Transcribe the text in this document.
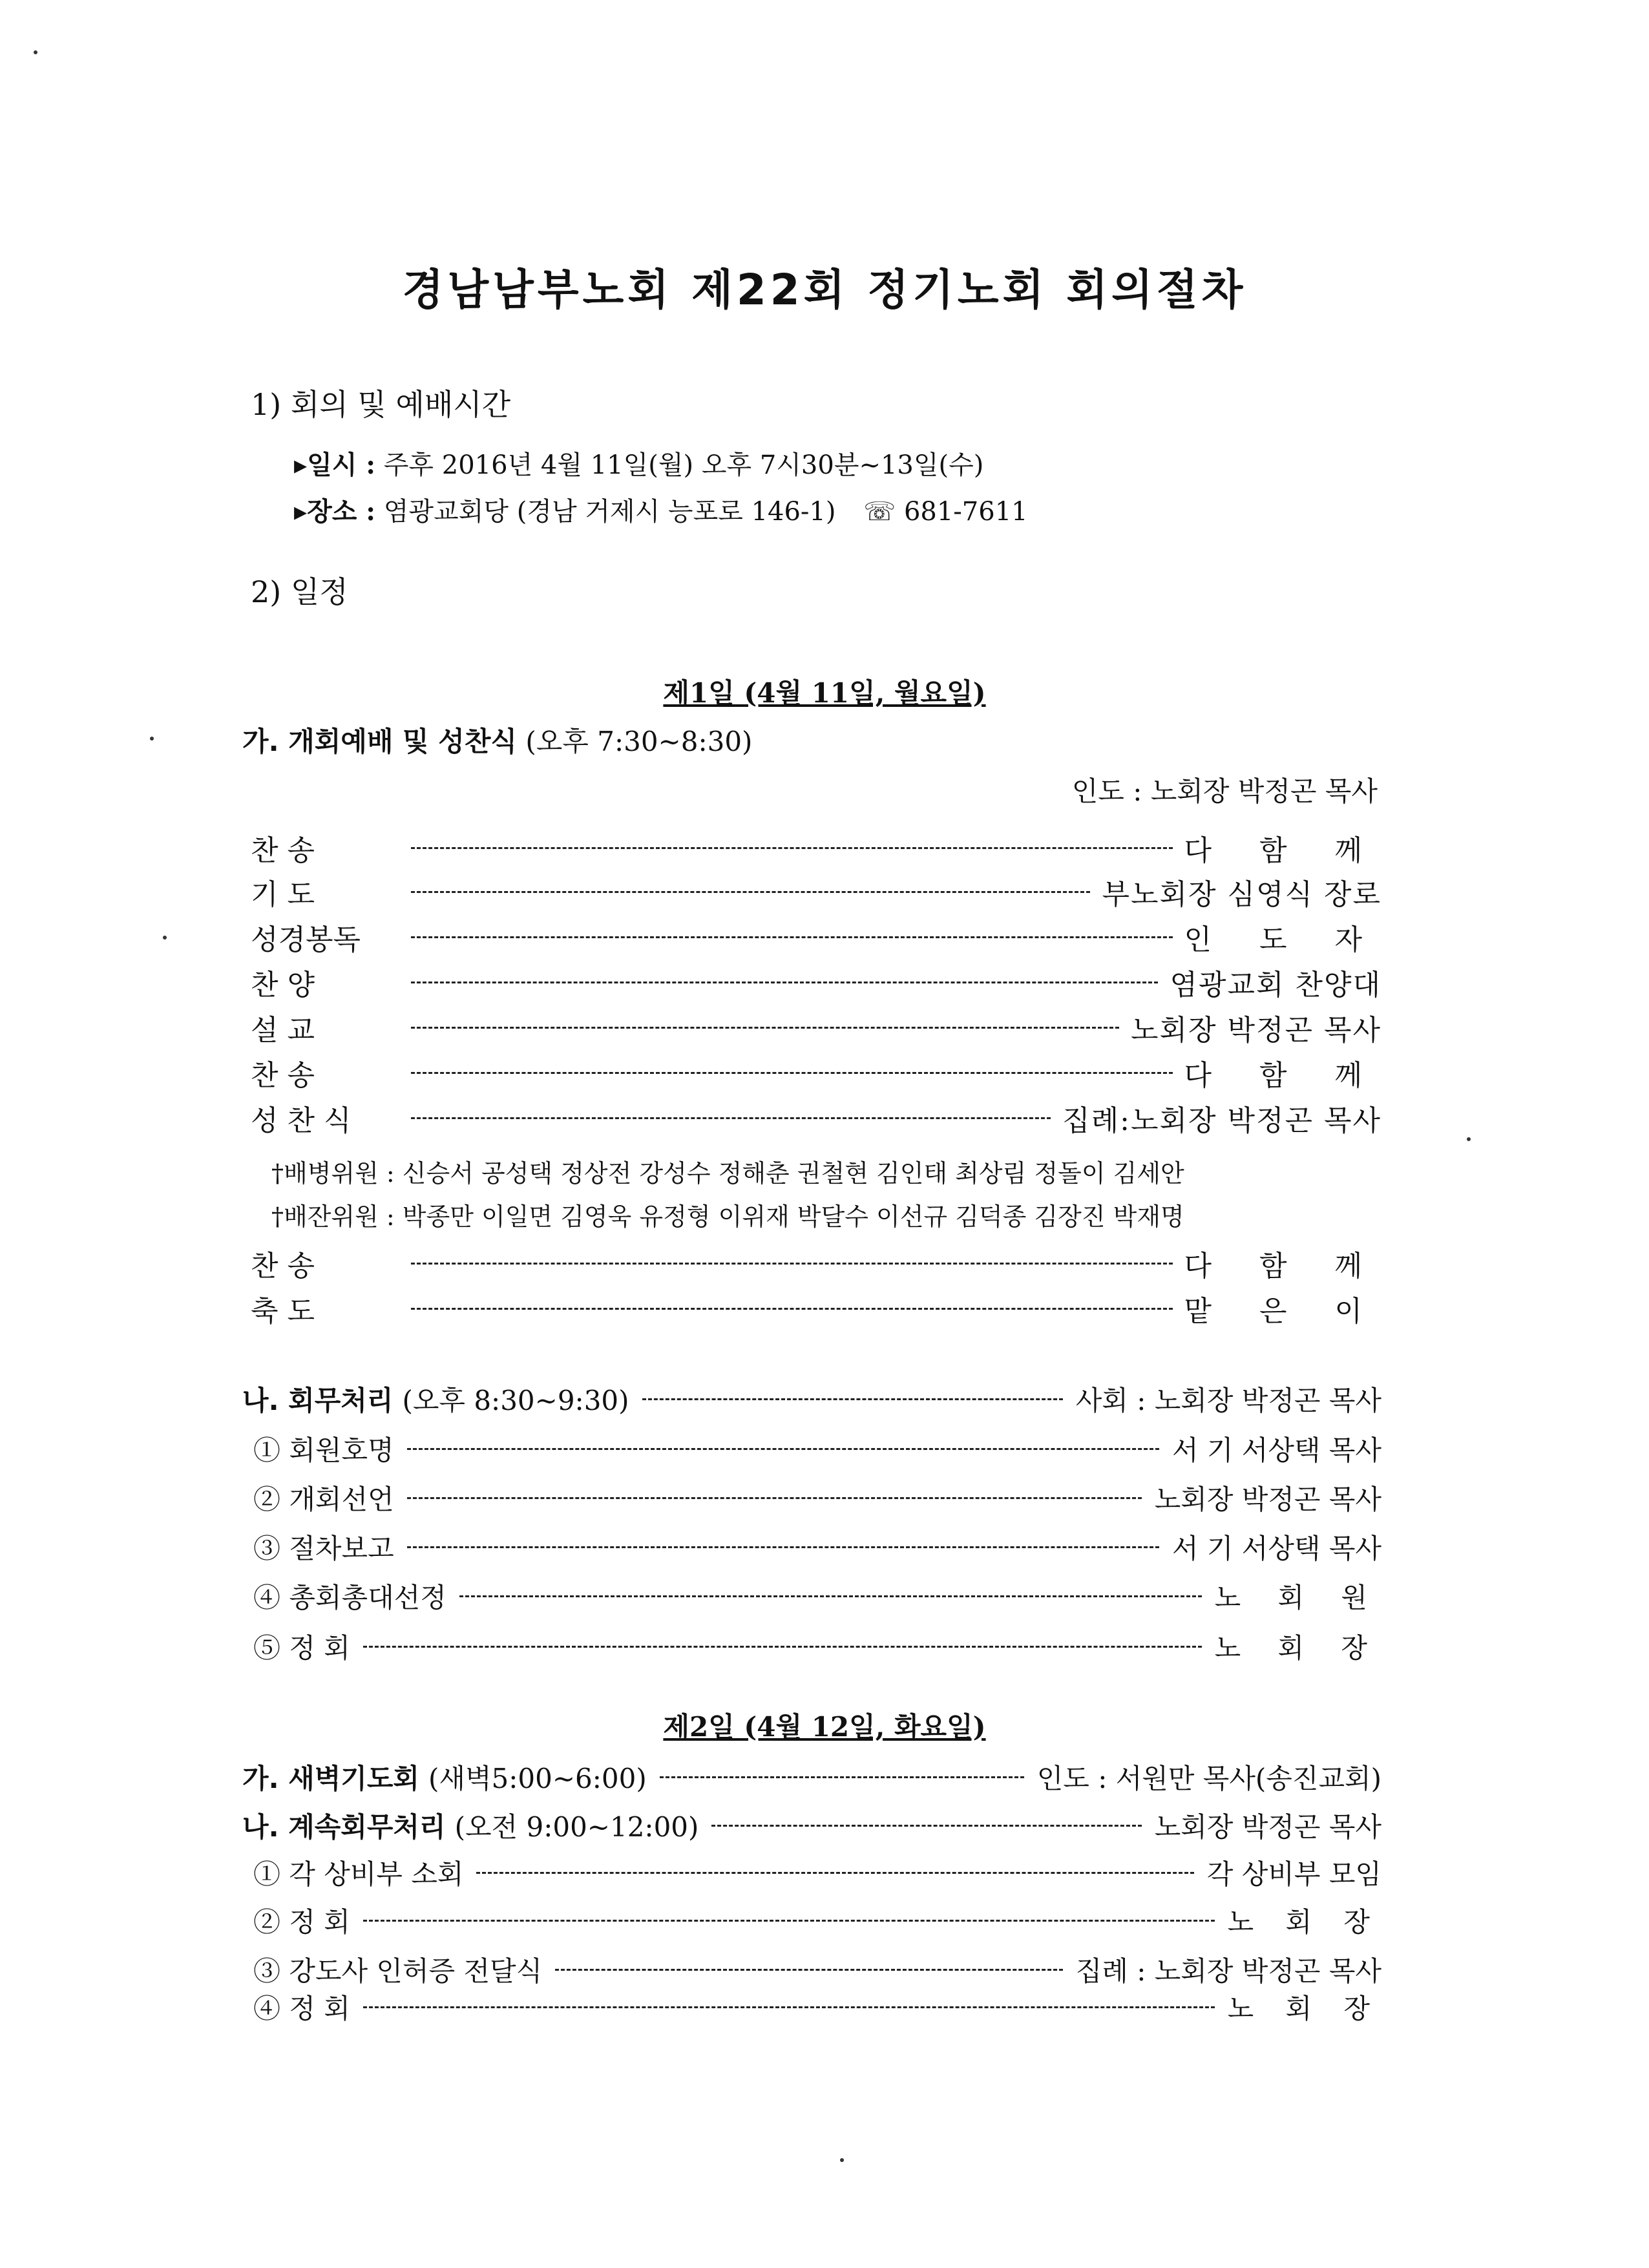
경남남부노회 제22회 정기노회 회의절차
1) 회의 및 예배시간
▸일시 : 주후 2016년 4월 11일(월) 오후 7시30분~13일(수)
▸장소 : 염광교회당 (경남 거제시 능포로 146-1) ☏ 681-7611
2) 일정
제1일 (4월 11일, 월요일)
가. 개회예배 및 성찬식 (오후 7:30~8:30)
인도 : 노회장 박정곤 목사
찬 송	다 함 께
기 도	부노회장 심영식 장로
성경봉독	인 도 자
찬 양	염광교회 찬양대
설 교	노회장 박정곤 목사
찬 송	다 함 께
성 찬 식	집례:노회장 박정곤 목사
†배병위원 : 신승서 공성택 정상전 강성수 정해춘 권철현 김인태 최상림 정돌이 김세안
†배잔위원 : 박종만 이일면 김영욱 유정형 이위재 박달수 이선규 김덕종 김장진 박재명
찬 송	다 함 께
축 도	맡 은 이
나. 회무처리 (오후 8:30~9:30)	사회 : 노회장 박정곤 목사
① 회원호명	서 기 서상택 목사
② 개회선언	노회장 박정곤 목사
③ 절차보고	서 기 서상택 목사
④ 총회총대선정	노 회 원
⑤ 정 회	노 회 장
제2일 (4월 12일, 화요일)
가. 새벽기도회 (새벽5:00~6:00)	인도 : 서원만 목사(송진교회)
나. 계속회무처리 (오전 9:00~12:00)	노회장 박정곤 목사
① 각 상비부 소회	각 상비부 모임
② 정 회	노 회 장
③ 강도사 인허증 전달식	집례 : 노회장 박정곤 목사
④ 정 회	노 회 장
